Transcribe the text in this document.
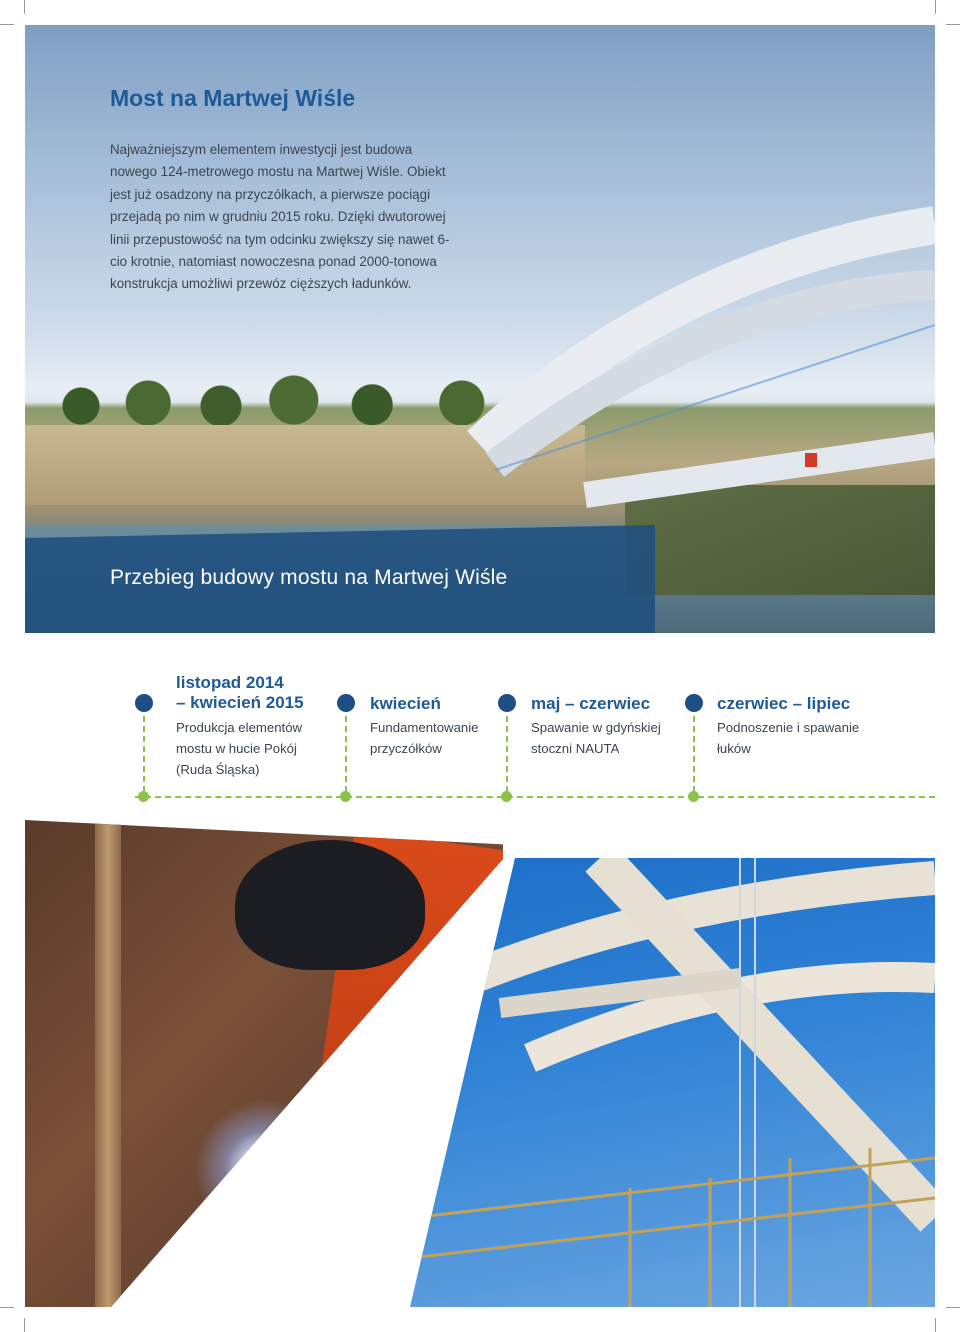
Most na Martwej Wiśle

Najważniejszym elementem inwestycji jest budowa nowego 124-metrowego mostu na Martwej Wiśle. Obiekt jest już osadzony na przyczółkach, a pierwsze pociągi przejadą po nim w grudniu 2015 roku. Dzięki dwutorowej linii przepustowość na tym odcinku zwiększy się nawet 6-cio krotnie, natomiast nowoczesna ponad 2000-tonowa konstrukcja umożliwi przewóz cięższych ładunków.

Przebieg budowy mostu na Martwej Wiśle

listopad 2014
– kwiecień 2015

Produkcja elementów
mostu w hucie Pokój
(Ruda Śląska)

kwiecień

Fundamentowanie
przyczółków

maj – czerwiec

Spawanie w gdyńskiej
stoczni NAUTA

czerwiec – lipiec

Podnoszenie i spawanie
łuków
